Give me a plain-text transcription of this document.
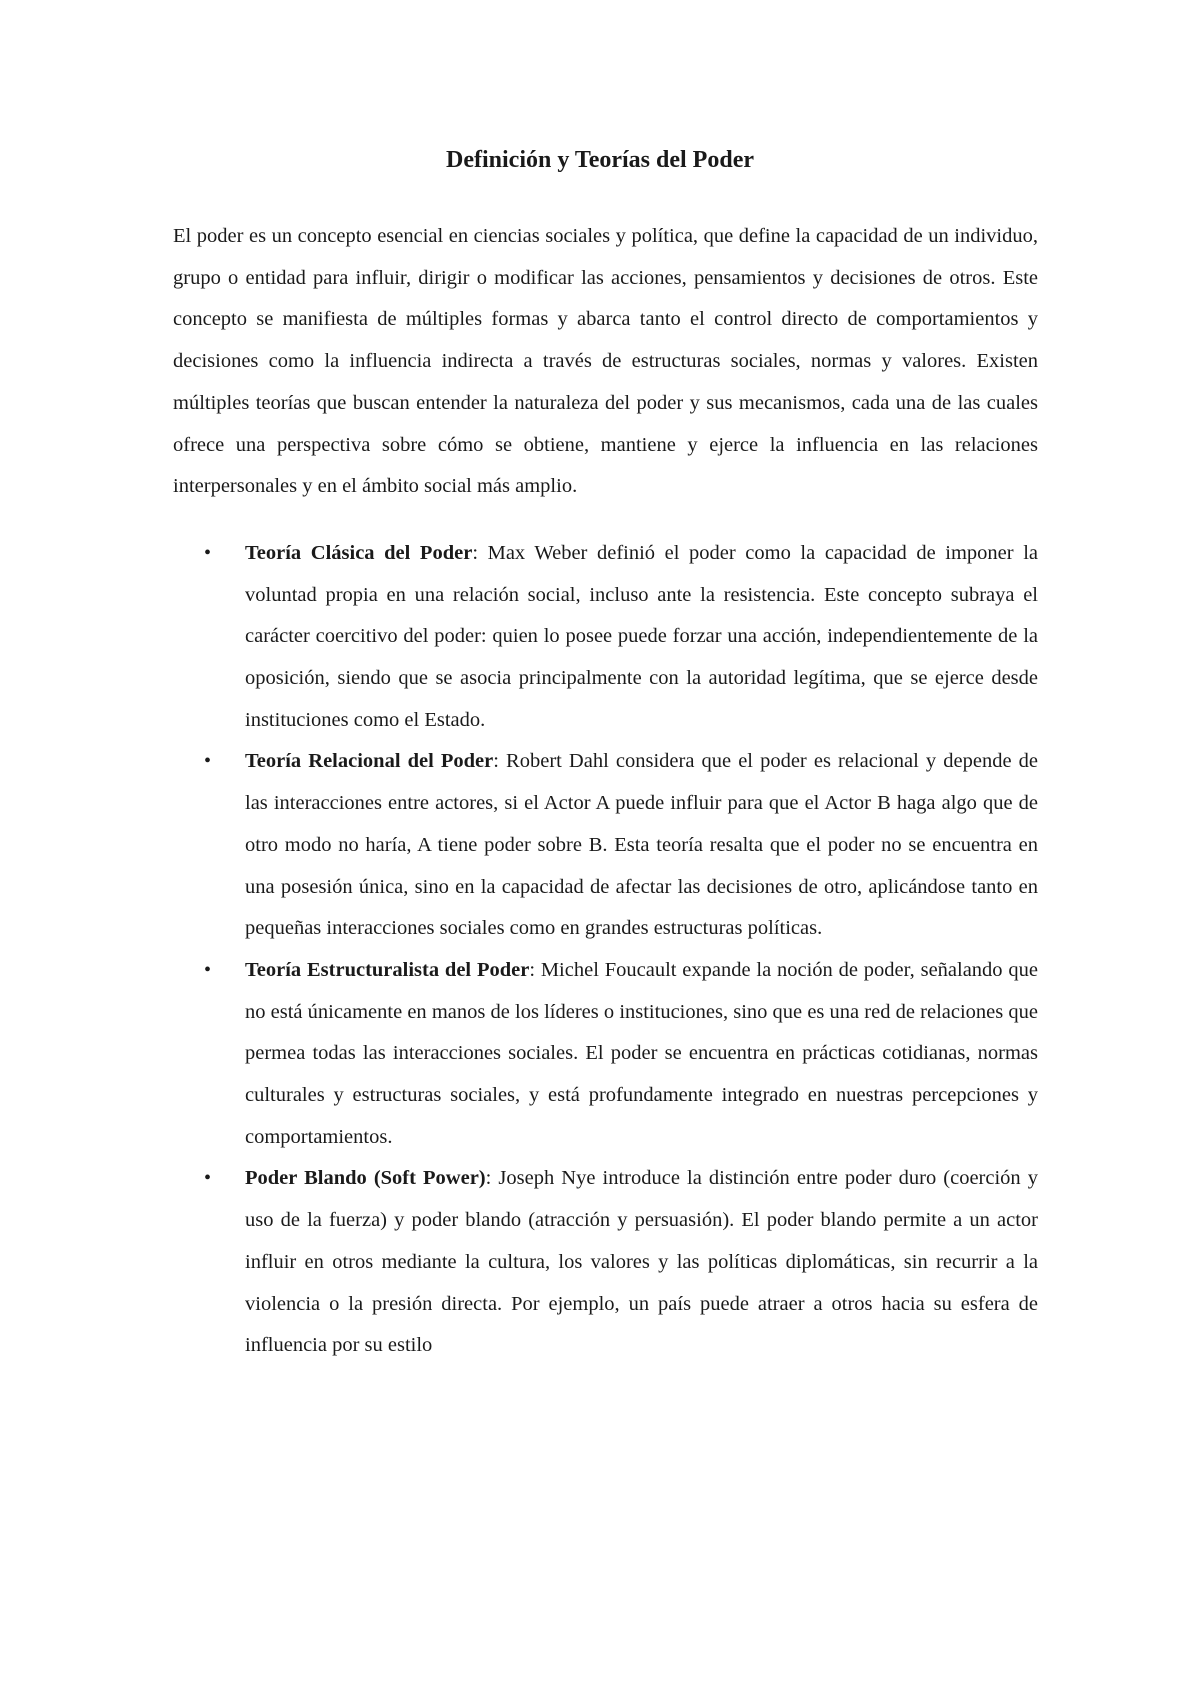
Definición y Teorías del Poder

El poder es un concepto esencial en ciencias sociales y política, que define la capacidad de un individuo, grupo o entidad para influir, dirigir o modificar las acciones, pensamientos y decisiones de otros. Este concepto se manifiesta de múltiples formas y abarca tanto el control directo de comportamientos y decisiones como la influencia indirecta a través de estructuras sociales, normas y valores. Existen múltiples teorías que buscan entender la naturaleza del poder y sus mecanismos, cada una de las cuales ofrece una perspectiva sobre cómo se obtiene, mantiene y ejerce la influencia en las relaciones interpersonales y en el ámbito social más amplio.

• Teoría Clásica del Poder: Max Weber definió el poder como la capacidad de imponer la voluntad propia en una relación social, incluso ante la resistencia. Este concepto subraya el carácter coercitivo del poder: quien lo posee puede forzar una acción, independientemente de la oposición, siendo que se asocia principalmente con la autoridad legítima, que se ejerce desde instituciones como el Estado.
• Teoría Relacional del Poder: Robert Dahl considera que el poder es relacional y depende de las interacciones entre actores, si el Actor A puede influir para que el Actor B haga algo que de otro modo no haría, A tiene poder sobre B. Esta teoría resalta que el poder no se encuentra en una posesión única, sino en la capacidad de afectar las decisiones de otro, aplicándose tanto en pequeñas interacciones sociales como en grandes estructuras políticas.
• Teoría Estructuralista del Poder: Michel Foucault expande la noción de poder, señalando que no está únicamente en manos de los líderes o instituciones, sino que es una red de relaciones que permea todas las interacciones sociales. El poder se encuentra en prácticas cotidianas, normas culturales y estructuras sociales, y está profundamente integrado en nuestras percepciones y comportamientos.
• Poder Blando (Soft Power): Joseph Nye introduce la distinción entre poder duro (coerción y uso de la fuerza) y poder blando (atracción y persuasión). El poder blando permite a un actor influir en otros mediante la cultura, los valores y las políticas diplomáticas, sin recurrir a la violencia o la presión directa. Por ejemplo, un país puede atraer a otros hacia su esfera de influencia por su estilo
